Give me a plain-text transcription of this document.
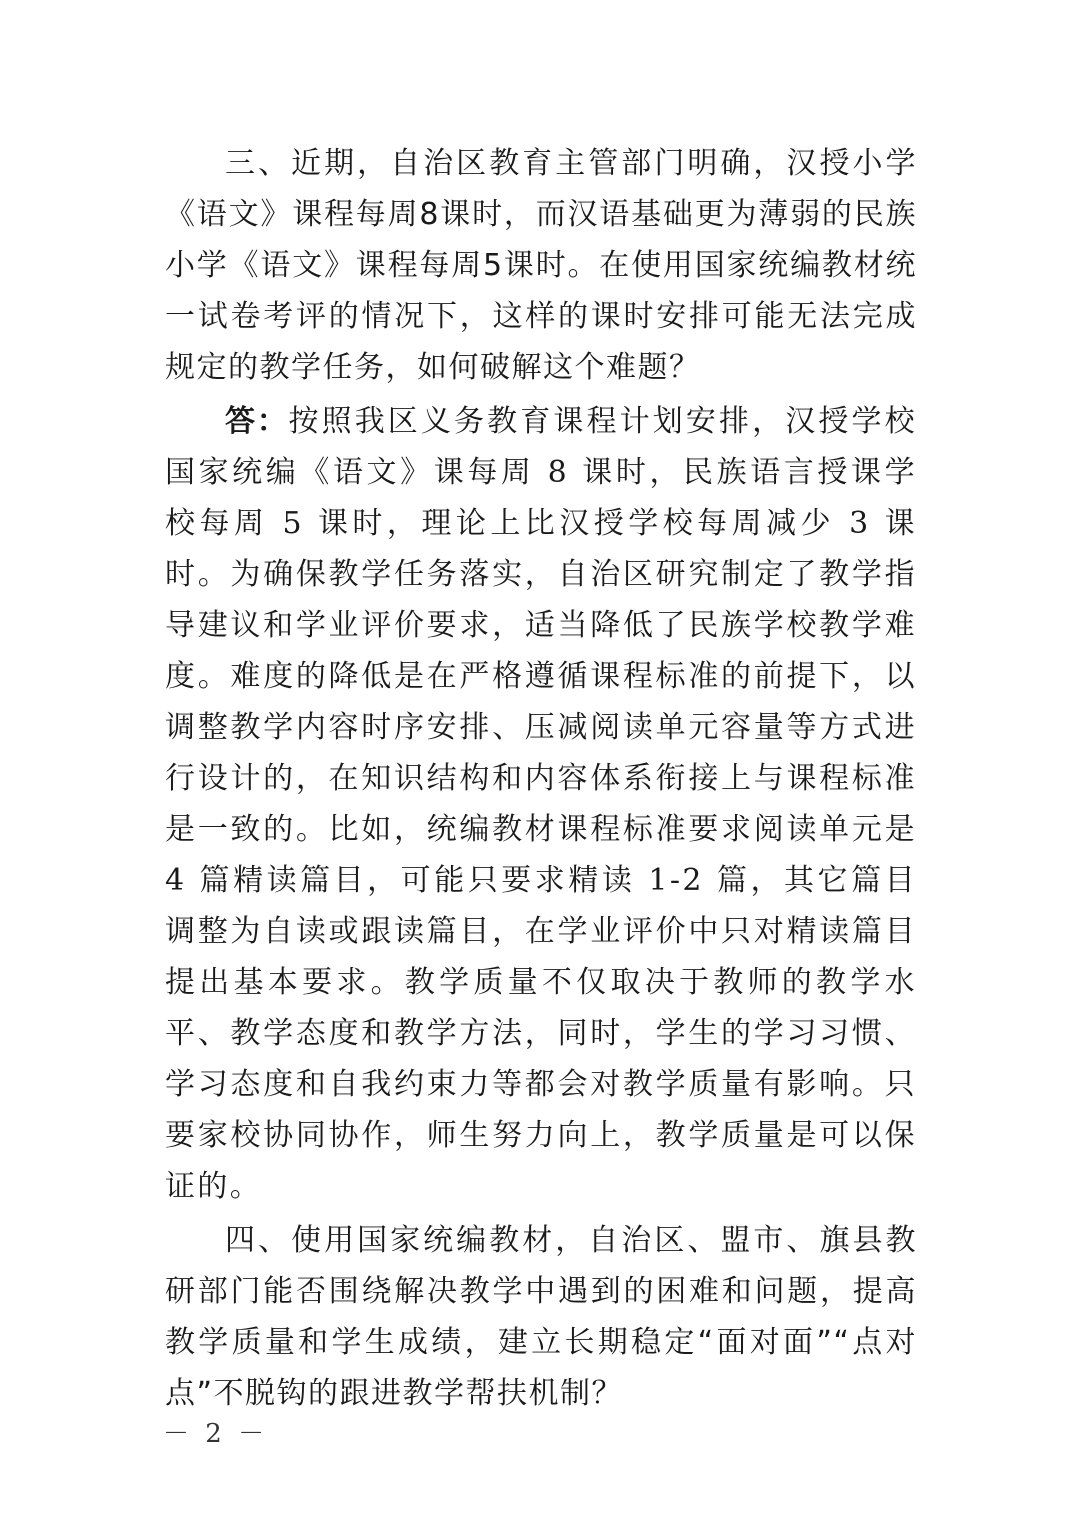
三、近期，自治区教育主管部门明确，汉授小学《语文》课程每周8课时，而汉语基础更为薄弱的民族小学《语文》课程每周5课时。在使用国家统编教材统一试卷考评的情况下，这样的课时安排可能无法完成规定的教学任务，如何破解这个难题？

答：按照我区义务教育课程计划安排，汉授学校国家统编《语文》课每周 8 课时，民族语言授课学校每周 5 课时，理论上比汉授学校每周减少 3 课时。为确保教学任务落实，自治区研究制定了教学指导建议和学业评价要求，适当降低了民族学校教学难度。难度的降低是在严格遵循课程标准的前提下，以调整教学内容时序安排、压减阅读单元容量等方式进行设计的，在知识结构和内容体系衔接上与课程标准是一致的。比如，统编教材课程标准要求阅读单元是 4 篇精读篇目，可能只要求精读 1-2 篇，其它篇目调整为自读或跟读篇目，在学业评价中只对精读篇目提出基本要求。教学质量不仅取决于教师的教学水平、教学态度和教学方法，同时，学生的学习习惯、学习态度和自我约束力等都会对教学质量有影响。只要家校协同协作，师生努力向上，教学质量是可以保证的。

四、使用国家统编教材，自治区、盟市、旗县教研部门能否围绕解决教学中遇到的困难和问题，提高教学质量和学生成绩，建立长期稳定“面对面”“点对点”不脱钩的跟进教学帮扶机制？

－ 2 －
